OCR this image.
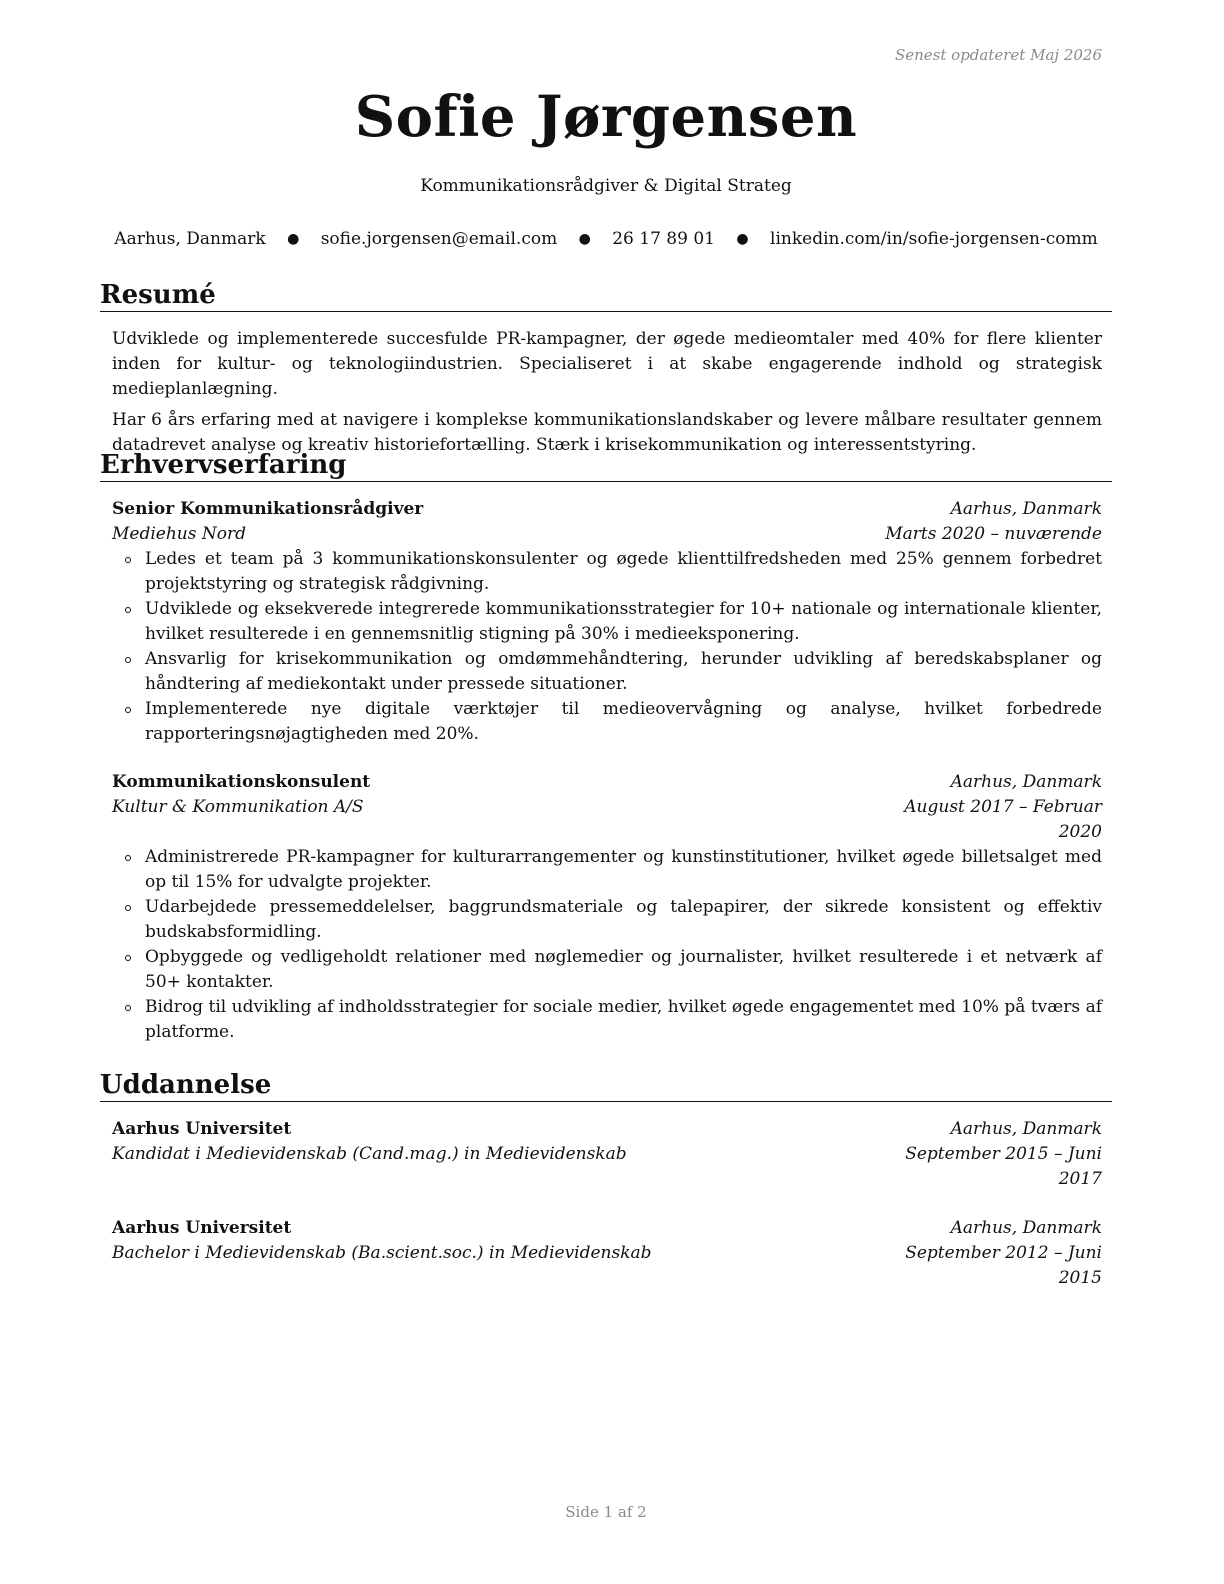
Senest opdateret Maj 2026
Sofie Jørgensen

Kommunikationsrådgiver & Digital Strateg

Aarhus, Danmark ● sofie.jorgensen@email.com ● 26 17 89 01 ● linkedin.com/in/sofie-jorgensen-comm
Resumé

Udviklede og implementerede succesfulde PR-kampagner, der øgede medieomtaler med 40% for flere klienter inden for kultur- og teknologiindustrien. Specialiseret i at skabe engagerende indhold og strategisk medieplanlægning.

Har 6 års erfaring med at navigere i komplekse kommunikationslandskaber og levere målbare resultater gennem datadrevet analyse og kreativ historiefortælling. Stærk i krisekommunikation og interessentstyring.

Erhvervserfaring
Senior Kommunikationsrådgiver	Aarhus, Danmark
Mediehus Nord	Marts 2020 – nuværende
Ledes et team på 3 kommunikationskonsulenter og øgede klienttilfredsheden med 25% gennem forbedret projektstyring og strategisk rådgivning.
Udviklede og eksekverede integrerede kommunikationsstrategier for 10+ nationale og internationale klienter, hvilket resulterede i en gennemsnitlig stigning på 30% i medieeksponering.
Ansvarlig for krisekommunikation og omdømmehåndtering, herunder udvikling af beredskabsplaner og håndtering af mediekontakt under pressede situationer.
Implementerede nye digitale værktøjer til medieovervågning og analyse, hvilket forbedrede rapporteringsnøjagtigheden med 20%.
Kommunikationskonsulent	Aarhus, Danmark
Kultur & Kommunikation A/S	August 2017 – Februar 2020
Administrerede PR-kampagner for kulturarrangementer og kunstinstitutioner, hvilket øgede billetsalget med op til 15% for udvalgte projekter.
Udarbejdede pressemeddelelser, baggrundsmateriale og talepapirer, der sikrede konsistent og effektiv budskabsformidling.
Opbyggede og vedligeholdt relationer med nøglemedier og journalister, hvilket resulterede i et netværk af 50+ kontakter.
Bidrog til udvikling af indholdsstrategier for sociale medier, hvilket øgede engagementet med 10% på tværs af platforme.
Uddannelse
Aarhus Universitet	Aarhus, Danmark
Kandidat i Medievidenskab (Cand.mag.) in Medievidenskab	September 2015 – Juni 2017
Aarhus Universitet	Aarhus, Danmark
Bachelor i Medievidenskab (Ba.scient.soc.) in Medievidenskab	September 2012 – Juni 2015
Side 1 af 2
